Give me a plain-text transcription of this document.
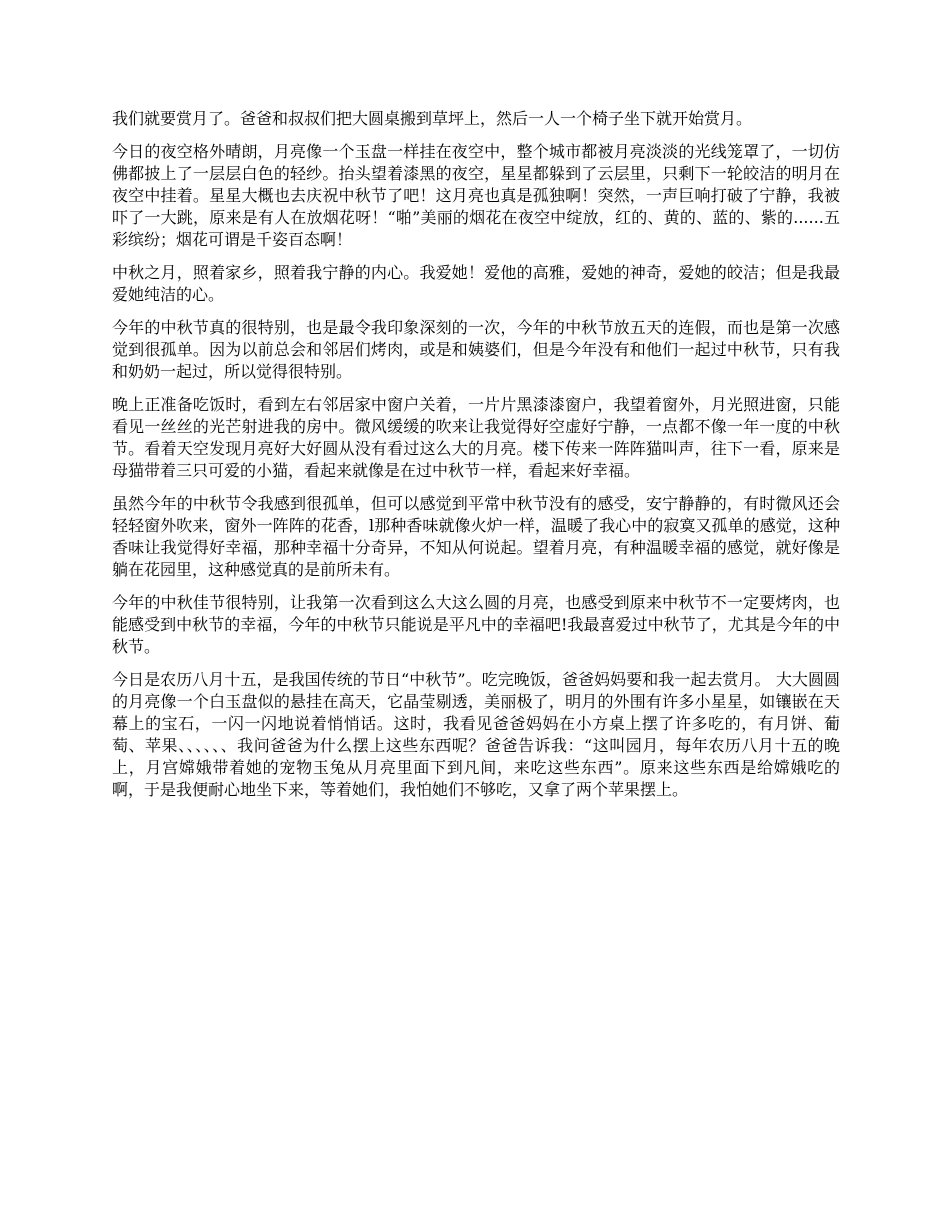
我们就要赏月了。爸爸和叔叔们把大圆桌搬到草坪上，然后一人一个椅子坐下就开始赏月。

今日的夜空格外晴朗，月亮像一个玉盘一样挂在夜空中，整个城市都被月亮淡淡的光线笼罩了，一切仿佛都披上了一层层白色的轻纱。抬头望着漆黑的夜空，星星都躲到了云层里，只剩下一轮皎洁的明月在夜空中挂着。星星大概也去庆祝中秋节了吧！这月亮也真是孤独啊！突然，一声巨响打破了宁静，我被吓了一大跳，原来是有人在放烟花呀！“啪”美丽的烟花在夜空中绽放，红的、黄的、蓝的、紫的......五彩缤纷；烟花可谓是千姿百态啊！

中秋之月，照着家乡，照着我宁静的内心。我爱她！爱他的高雅，爱她的神奇，爱她的皎洁；但是我最爱她纯洁的心。

今年的中秋节真的很特别，也是最令我印象深刻的一次，今年的中秋节放五天的连假，而也是第一次感觉到很孤单。因为以前总会和邻居们烤肉，或是和姨婆们，但是今年没有和他们一起过中秋节，只有我和奶奶一起过，所以觉得很特别。

晚上正准备吃饭时，看到左右邻居家中窗户关着，一片片黑漆漆窗户，我望着窗外，月光照进窗，只能看见一丝丝的光芒射进我的房中。微风缓缓的吹来让我觉得好空虚好宁静，一点都不像一年一度的中秋节。看着天空发现月亮好大好圆从没有看过这么大的月亮。楼下传来一阵阵猫叫声，往下一看，原来是母猫带着三只可爱的小猫，看起来就像是在过中秋节一样，看起来好幸福。

虽然今年的中秋节令我感到很孤单，但可以感觉到平常中秋节没有的感受，安宁静静的，有时微风还会轻轻窗外吹来，窗外一阵阵的花香，l那种香味就像火炉一样，温暖了我心中的寂寞又孤单的感觉，这种香味让我觉得好幸福，那种幸福十分奇异，不知从何说起。望着月亮，有种温暖幸福的感觉，就好像是躺在花园里，这种感觉真的是前所未有。

今年的中秋佳节很特别，让我第一次看到这么大这么圆的月亮，也感受到原来中秋节不一定要烤肉，也能感受到中秋节的幸福，今年的中秋节只能说是平凡中的幸福吧!我最喜爱过中秋节了，尤其是今年的中秋节。

今日是农历八月十五，是我国传统的节日“中秋节”。吃完晚饭，爸爸妈妈要和我一起去赏月。 大大圆圆的月亮像一个白玉盘似的悬挂在高天，它晶莹剔透，美丽极了，明月的外围有许多小星星，如镶嵌在天幕上的宝石，一闪一闪地说着悄悄话。这时，我看见爸爸妈妈在小方桌上摆了许多吃的，有月饼、葡萄、苹果、、、、、、我问爸爸为什么摆上这些东西呢？爸爸告诉我：“这叫园月，每年农历八月十五的晚上，月宫嫦娥带着她的宠物玉兔从月亮里面下到凡间，来吃这些东西”。原来这些东西是给嫦娥吃的啊，于是我便耐心地坐下来，等着她们，我怕她们不够吃，又拿了两个苹果摆上。
